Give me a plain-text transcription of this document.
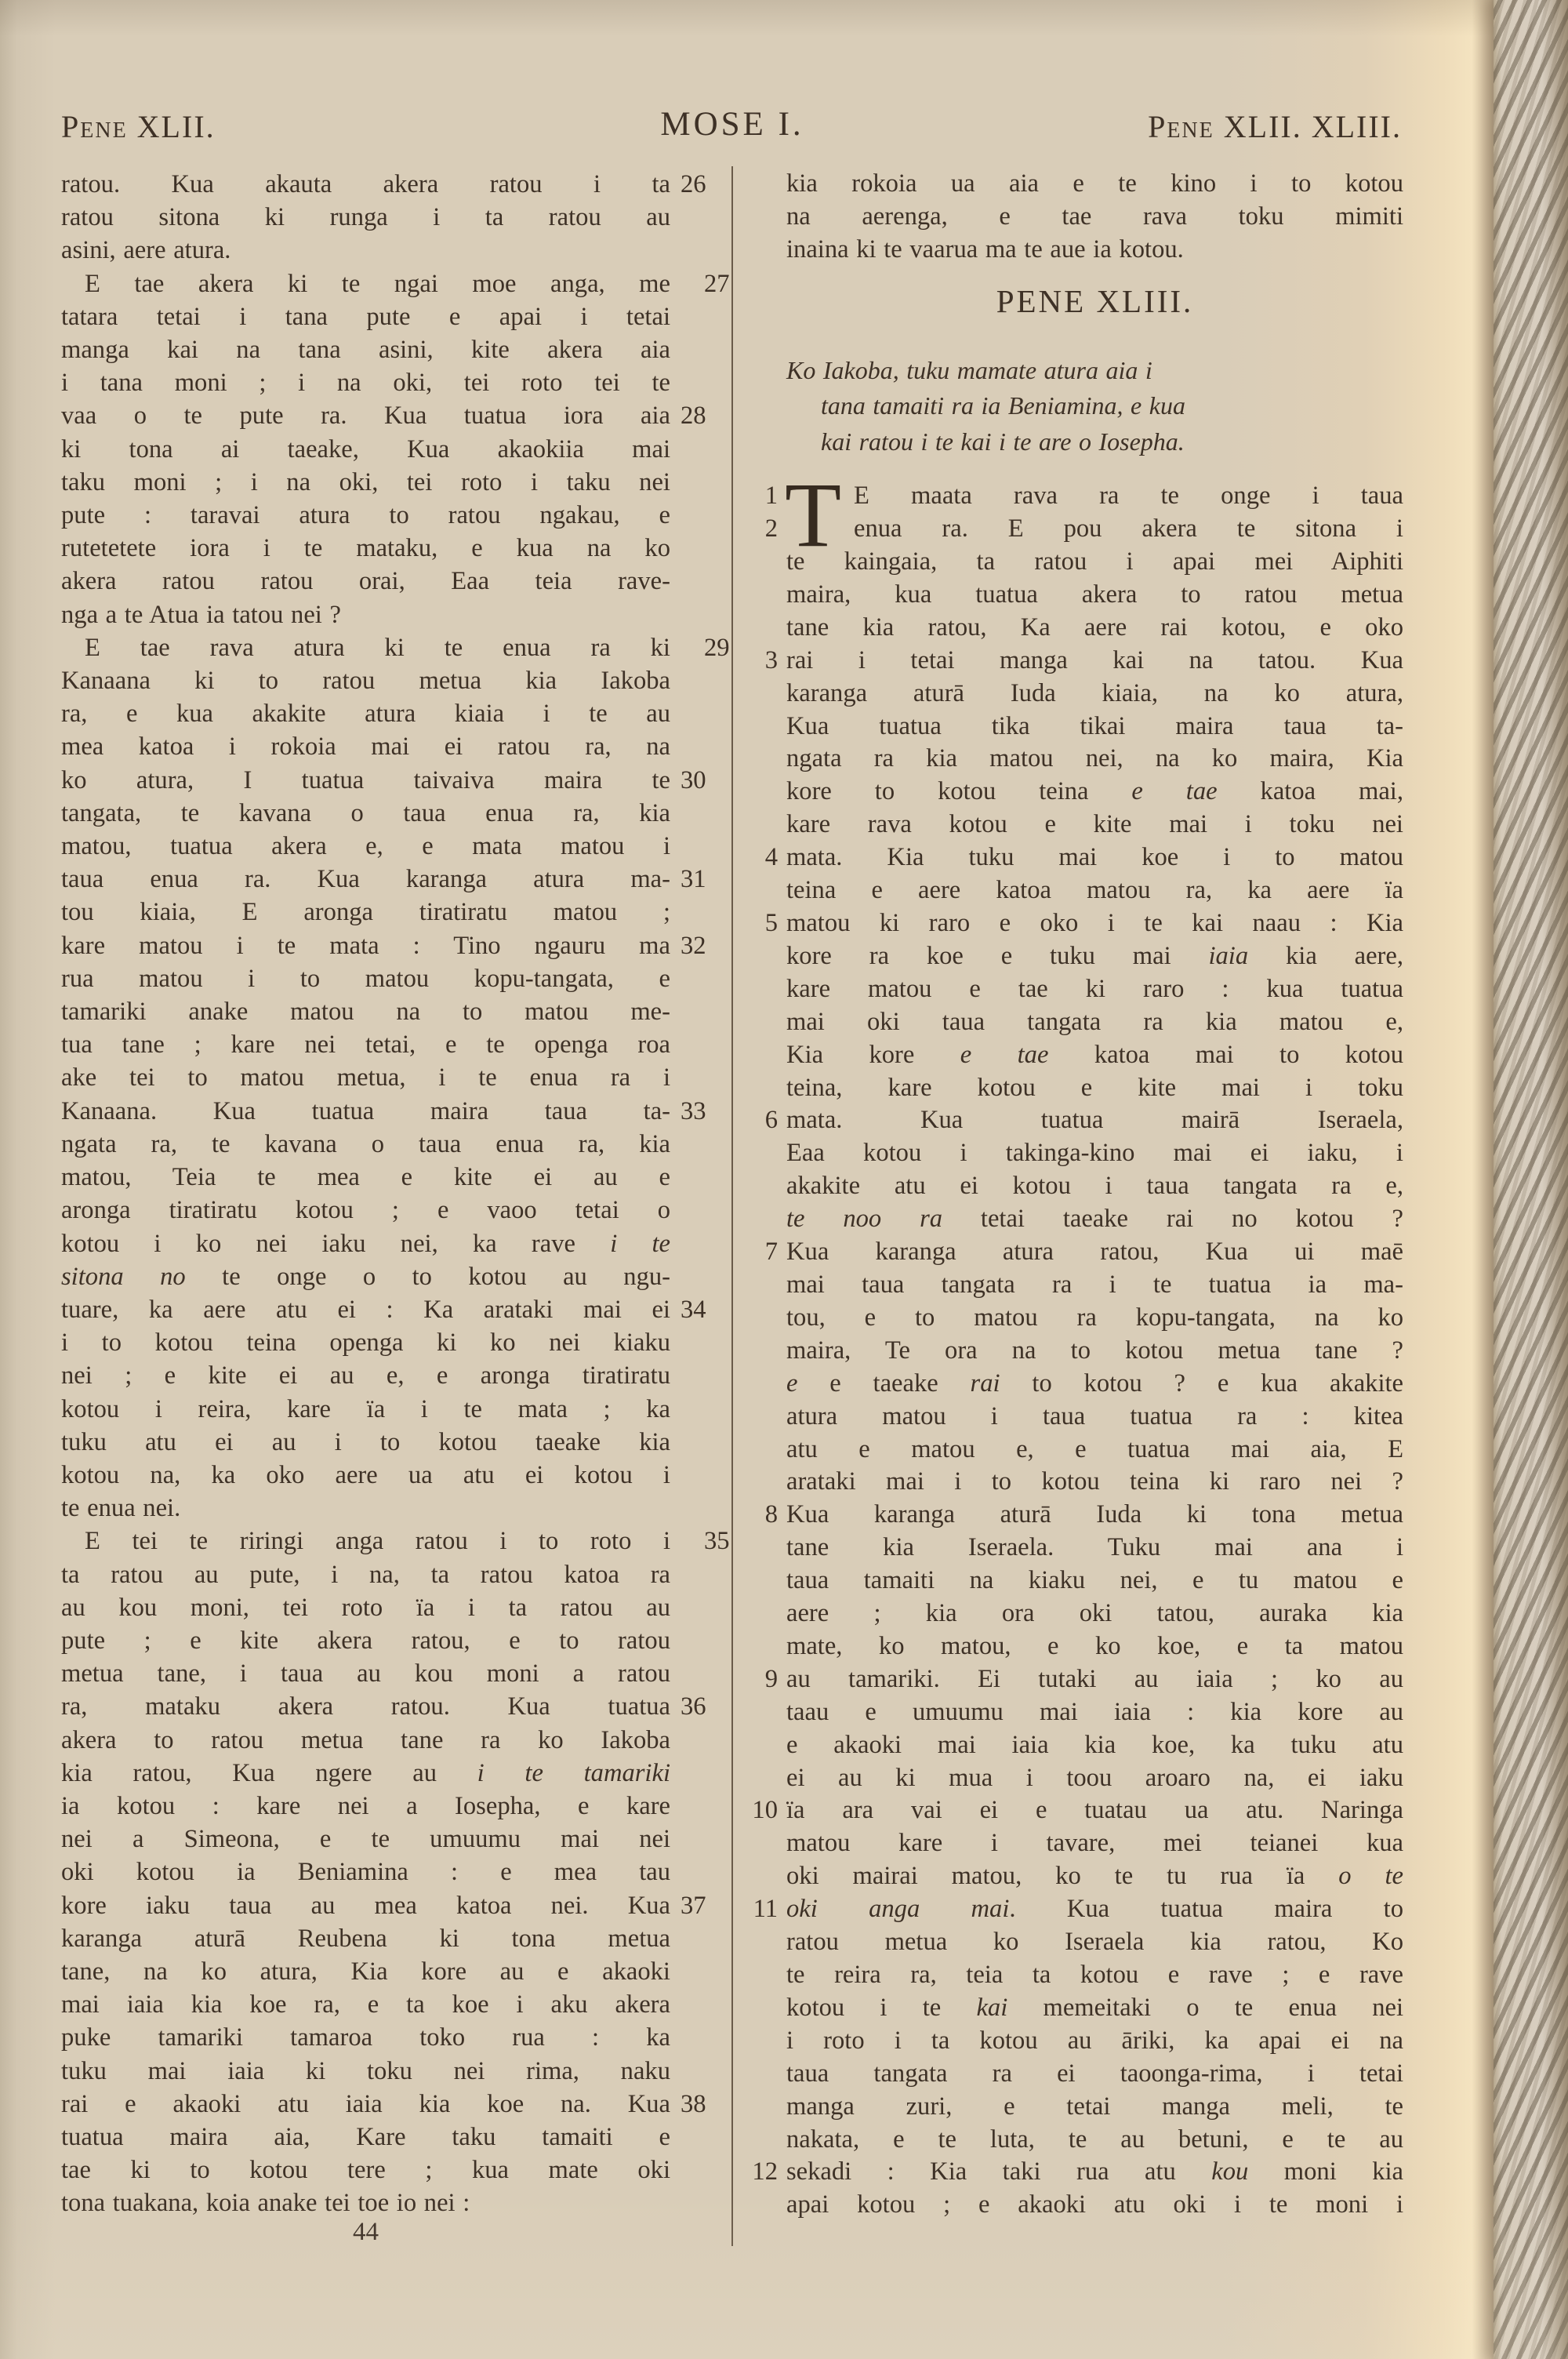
Pene XLII.	MOSE I.	Pene XLII. XLIII.
ratou. Kua akauta akera ratou i ta 26
ratou sitona ki runga i ta ratou au
asini, aere atura.
E tae akera ki te ngai moe anga, me	27
tatara tetai i tana pute e apai i tetai
manga kai na tana asini, kite akera aia
i tana moni ; i na oki, tei roto tei te
vaa o te pute ra. Kua tuatua iora aia 28
ki tona ai taeake, Kua akaokiia mai
taku moni ; i na oki, tei roto i taku nei
pute : taravai atura to ratou ngakau, e
rutetetete iora i te mataku, e kua na ko
akera ratou ratou orai, Eaa teia rave-
nga a te Atua ia tatou nei ?
E tae rava atura ki te enua ra ki	29
Kanaana ki to ratou metua kia Iakoba
ra, e kua akakite atura kiaia i te au
mea katoa i rokoia mai ei ratou ra, na
ko atura, I tuatua taivaiva maira te 30
tangata, te kavana o taua enua ra, kia
matou, tuatua akera e, e mata matou i
taua enua ra. Kua karanga atura ma- 31
tou kiaia, E aronga tiratiratu matou ;
kare matou i te mata : Tino ngauru ma 32
rua matou i to matou kopu-tangata, e
tamariki anake matou na to matou me-
tua tane ; kare nei tetai, e te openga roa
ake tei to matou metua, i te enua ra i
Kanaana. Kua tuatua maira taua ta- 33
ngata ra, te kavana o taua enua ra, kia
matou, Teia te mea e kite ei au e
aronga tiratiratu kotou ; e vaoo tetai o
kotou i ko nei iaku nei, ka rave i te
sitona no te onge o to kotou au ngu-
tuare, ka aere atu ei : Ka arataki mai ei 34
i to kotou teina openga ki ko nei kiaku
nei ; e kite ei au e, e aronga tiratiratu
kotou i reira, kare ïa i te mata ; ka
tuku atu ei au i to kotou taeake kia
kotou na, ka oko aere ua atu ei kotou i
te enua nei.
E tei te riringi anga ratou i to roto i	35
ta ratou au pute, i na, ta ratou katoa ra
au kou moni, tei roto ïa i ta ratou au
pute ; e kite akera ratou, e to ratou
metua tane, i taua au kou moni a ratou
ra, mataku akera ratou. Kua tuatua 36
akera to ratou metua tane ra ko Iakoba
kia ratou, Kua ngere au i te tamariki
ia kotou : kare nei a Iosepha, e kare
nei a Simeona, e te umuumu mai nei
oki kotou ia Beniamina : e mea tau
kore iaku taua au mea katoa nei. Kua 37
karanga aturā Reubena ki tona metua
tane, na ko atura, Kia kore au e akaoki
mai iaia kia koe ra, e ta koe i aku akera
puke tamariki tamaroa toko rua : ka
tuku mai iaia ki toku nei rima, naku
rai e akaoki atu iaia kia koe na. Kua 38
tuatua maira aia, Kare taku tamaiti e
tae ki to kotou tere ; kua mate oki
tona tuakana, koia anake tei toe io nei :
kia rokoia ua aia e te kino i to kotou
na aerenga, e tae rava toku mimiti
inaina ki te vaarua ma te aue ia kotou.
PENE XLIII.
Ko Iakoba, tuku mamate atura aia i
tana tamaiti ra ia Beniamina, e kua
kai ratou i te kai i te are o Iosepha.
T E maata rava ra te onge i taua
1
enua ra. E pou akera te sitona i
2
te kaingaia, ta ratou i apai mei Aiphiti
maira, kua tuatua akera to ratou metua
tane kia ratou, Ka aere rai kotou, e oko
rai i tetai manga kai na tatou. Kua
3
karanga aturā Iuda kiaia, na ko atura,
Kua tuatua tika tikai maira taua ta-
ngata ra kia matou nei, na ko maira, Kia
kore to kotou teina e tae katoa mai,
kare rava kotou e kite mai i toku nei
mata. Kia tuku mai koe i to matou
4
teina e aere katoa matou ra, ka aere ïa
matou ki raro e oko i te kai naau : Kia
5
kore ra koe e tuku mai iaia kia aere,
kare matou e tae ki raro : kua tuatua
mai oki taua tangata ra kia matou e,
Kia kore e tae katoa mai to kotou
teina, kare kotou e kite mai i toku
mata. Kua tuatua mairā Iseraela,
6
Eaa kotou i takinga-kino mai ei iaku, i
akakite atu ei kotou i taua tangata ra e,
te noo ra tetai taeake rai no kotou ?
Kua karanga atura ratou, Kua ui maē
7
mai taua tangata ra i te tuatua ia ma-
tou, e to matou ra kopu-tangata, na ko
maira, Te ora na to kotou metua tane ?
e e taeake rai to kotou ? e kua akakite
atura matou i taua tuatua ra : kitea
atu e matou e, e tuatua mai aia, E
arataki mai i to kotou teina ki raro nei ?
Kua karanga aturā Iuda ki tona metua
8
tane kia Iseraela. Tuku mai ana i
taua tamaiti na kiaku nei, e tu matou e
aere ; kia ora oki tatou, auraka kia
mate, ko matou, e ko koe, e ta matou
au tamariki. Ei tutaki au iaia ; ko au
9
taau e umuumu mai iaia : kia kore au
e akaoki mai iaia kia koe, ka tuku atu
ei au ki mua i toou aroaro na, ei iaku
ïa ara vai ei e tuatau ua atu. Naringa
10
matou kare i tavare, mei teianei kua
oki mairai matou, ko te tu rua ïa o te
oki anga mai. Kua tuatua maira to
11
ratou metua ko Iseraela kia ratou, Ko
te reira ra, teia ta kotou e rave ; e rave
kotou i te kai memeitaki o te enua nei
i roto i ta kotou au āriki, ka apai ei na
taua tangata ra ei taoonga-rima, i tetai
manga zuri, e tetai manga meli, te
nakata, e te luta, te au betuni, e te au
sekadi : Kia taki rua atu kou moni kia
12
apai kotou ; e akaoki atu oki i te moni i
44
